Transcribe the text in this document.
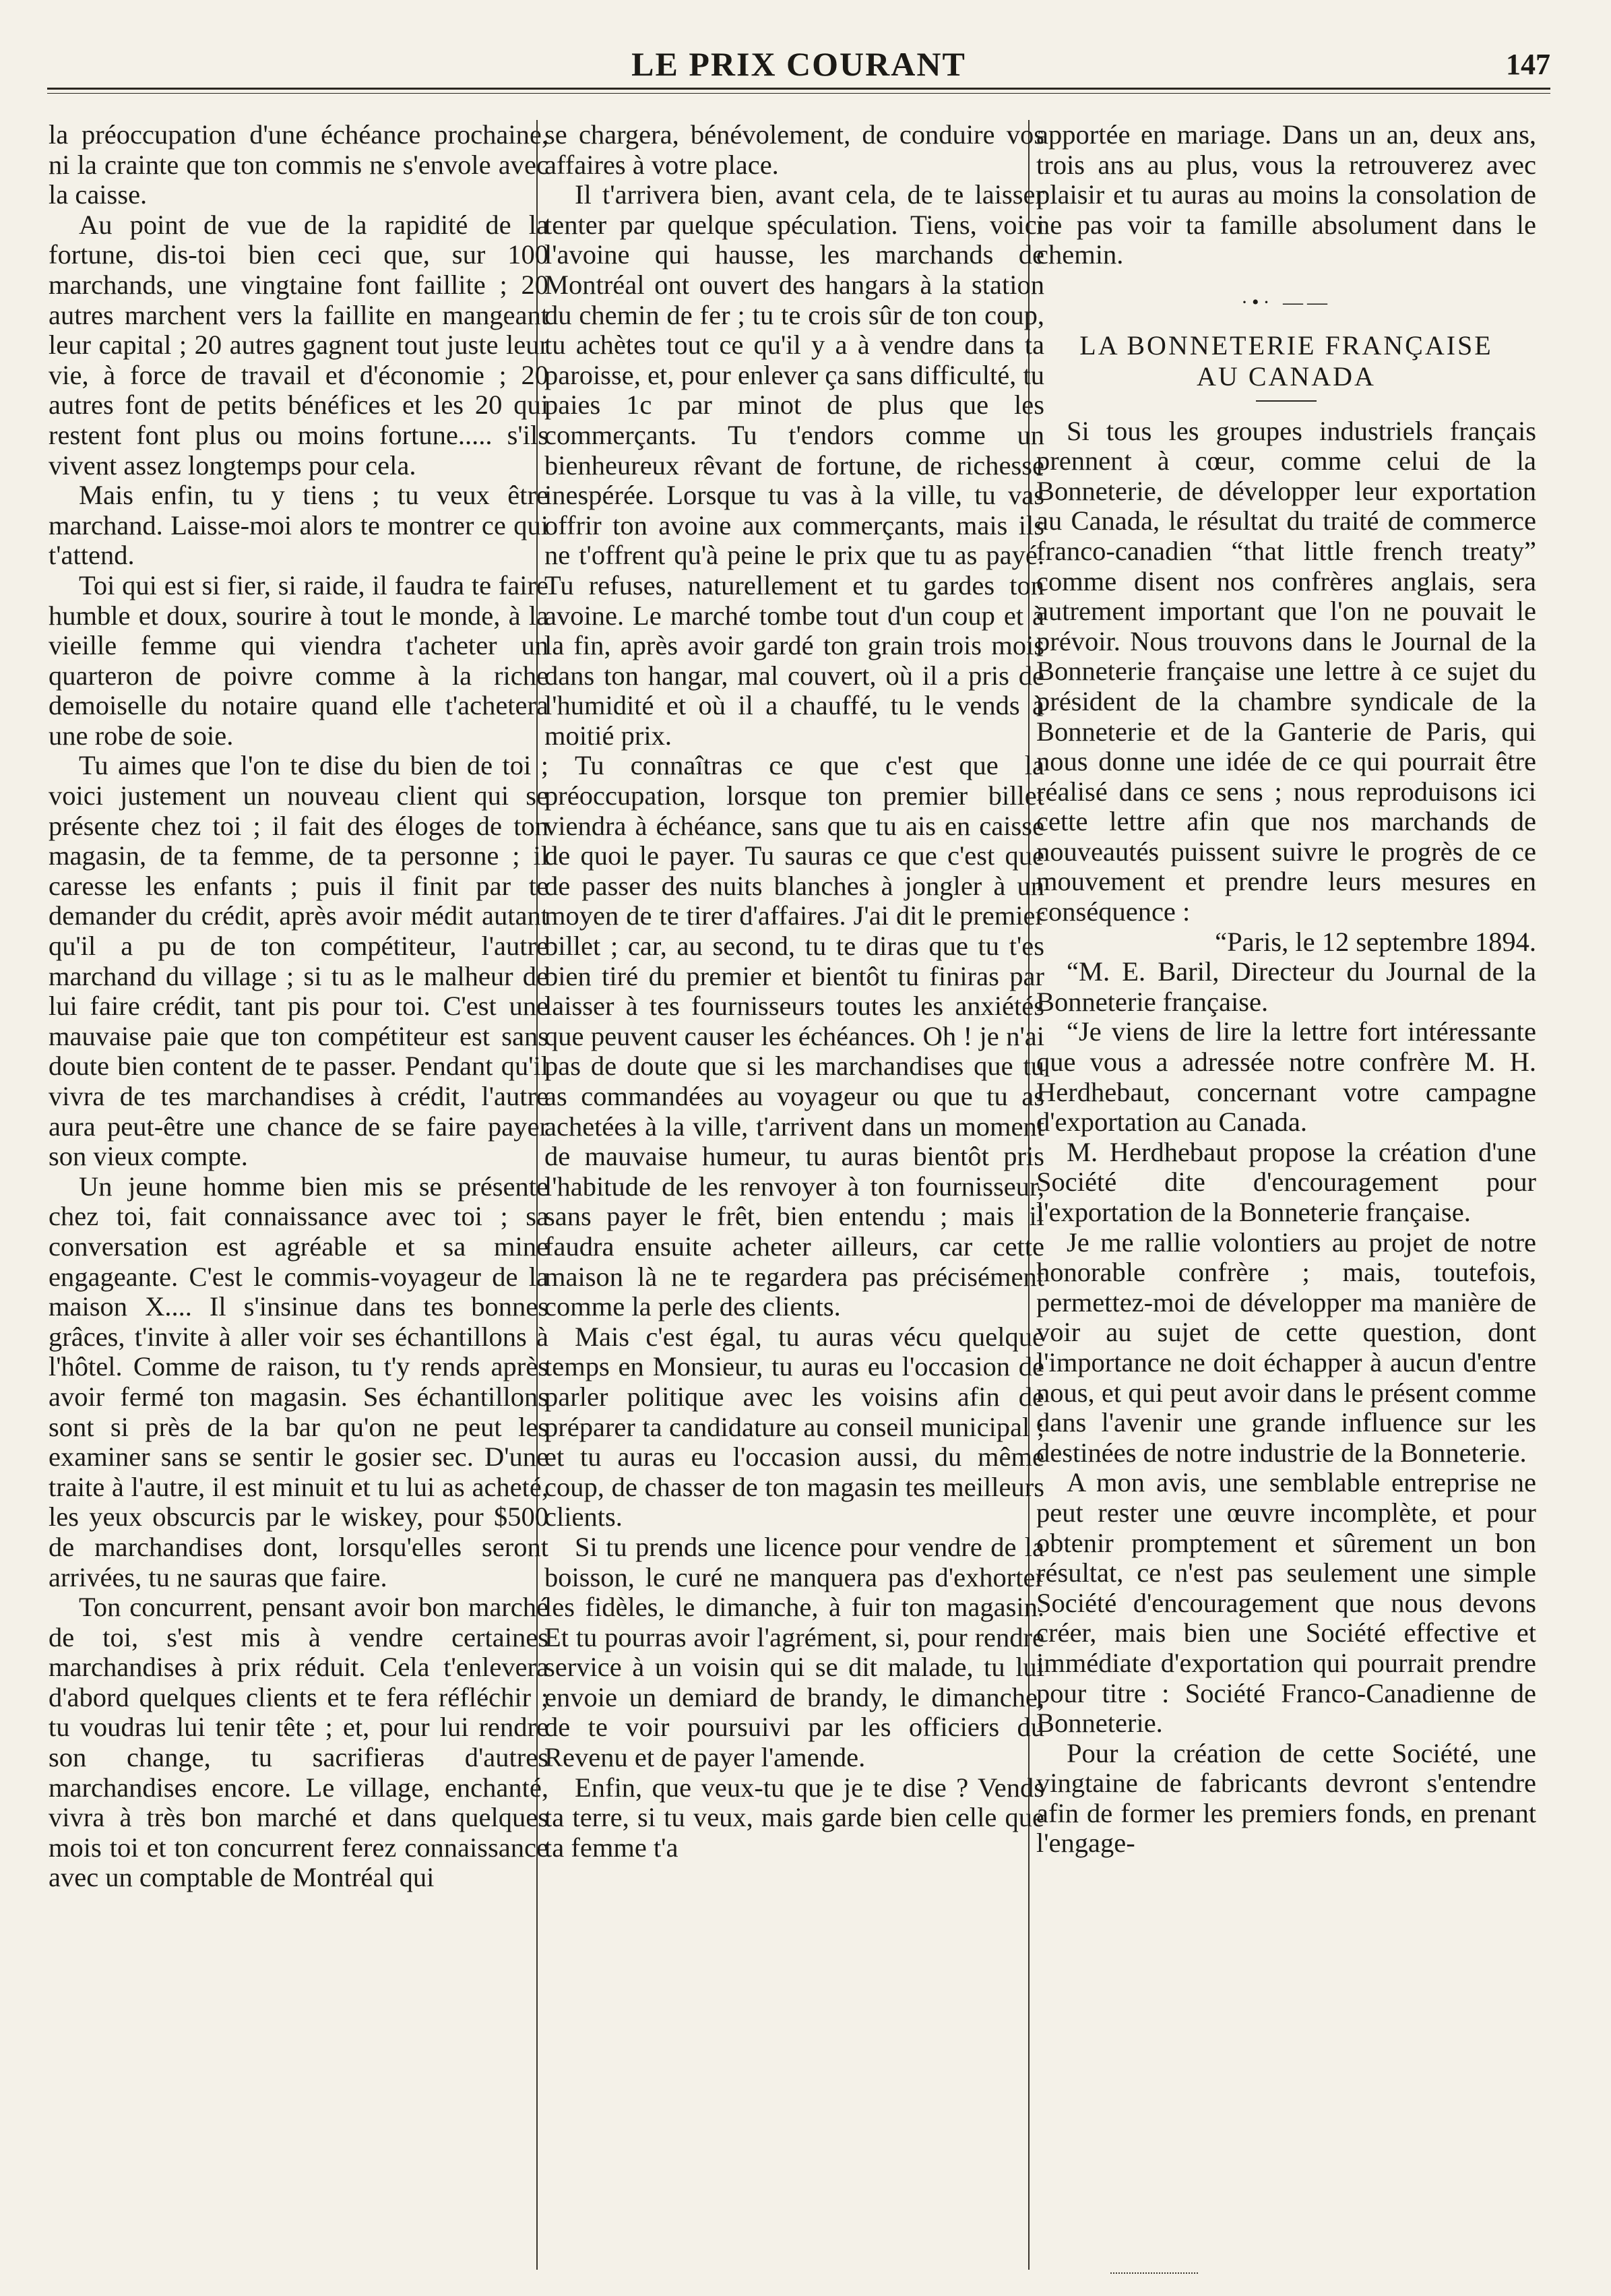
LE PRIX COURANT	147

la préoccupation d'une échéance prochaine, ni la crainte que ton commis ne s'envole avec la caisse.

Au point de vue de la rapidité de la fortune, dis-toi bien ceci que, sur 100 marchands, une vingtaine font faillite ; 20 autres marchent vers la faillite en mangeant leur capital ; 20 autres gagnent tout juste leur vie, à force de travail et d'économie ; 20 autres font de petits bénéfices et les 20 qui restent font plus ou moins fortune..... s'ils vivent assez longtemps pour cela.

Mais enfin, tu y tiens ; tu veux être marchand. Laisse-moi alors te montrer ce qui t'attend.

Toi qui est si fier, si raide, il faudra te faire humble et doux, sourire à tout le monde, à la vieille femme qui viendra t'acheter un quarteron de poivre comme à la riche demoiselle du notaire quand elle t'achetera une robe de soie.

Tu aimes que l'on te dise du bien de toi ; voici justement un nouveau client qui se présente chez toi ; il fait des éloges de ton magasin, de ta femme, de ta personne ; il caresse les enfants ; puis il finit par te demander du crédit, après avoir médit autant qu'il a pu de ton compétiteur, l'autre marchand du village ; si tu as le malheur de lui faire crédit, tant pis pour toi. C'est une mauvaise paie que ton compétiteur est sans doute bien content de te passer. Pendant qu'il vivra de tes marchandises à crédit, l'autre aura peut-être une chance de se faire payer son vieux compte.

Un jeune homme bien mis se présente chez toi, fait connaissance avec toi ; sa conversation est agréable et sa mine engageante. C'est le commis-voyageur de la maison X.... Il s'insinue dans tes bonnes grâces, t'invite à aller voir ses échantillons à l'hôtel. Comme de raison, tu t'y rends après avoir fermé ton magasin. Ses échantillons sont si près de la bar qu'on ne peut les examiner sans se sentir le gosier sec. D'une traite à l'autre, il est minuit et tu lui as acheté, les yeux obscurcis par le wiskey, pour $500 de marchandises dont, lorsqu'elles seront arrivées, tu ne sauras que faire.

Ton concurrent, pensant avoir bon marché de toi, s'est mis à vendre certaines marchandises à prix réduit. Cela t'enlevera d'abord quelques clients et te fera réfléchir ; tu voudras lui tenir tête ; et, pour lui rendre son change, tu sacrifieras d'autres marchandises encore. Le village, enchanté, vivra à très bon marché et dans quelques mois toi et ton concurrent ferez connaissance avec un comptable de Montréal qui

se chargera, bénévolement, de conduire vos affaires à votre place.

Il t'arrivera bien, avant cela, de te laisser tenter par quelque spéculation. Tiens, voici l'avoine qui hausse, les marchands de Montréal ont ouvert des hangars à la station du chemin de fer ; tu te crois sûr de ton coup, tu achètes tout ce qu'il y a à vendre dans ta paroisse, et, pour enlever ça sans difficulté, tu paies 1c par minot de plus que les commerçants. Tu t'endors comme un bienheureux rêvant de fortune, de richesse inespérée. Lorsque tu vas à la ville, tu vas offrir ton avoine aux commerçants, mais ils ne t'offrent qu'à peine le prix que tu as payé. Tu refuses, naturellement et tu gardes ton avoine. Le marché tombe tout d'un coup et à la fin, après avoir gardé ton grain trois mois dans ton hangar, mal couvert, où il a pris de l'humidité et où il a chauffé, tu le vends à moitié prix.

Tu connaîtras ce que c'est que la préoccupation, lorsque ton premier billet viendra à échéance, sans que tu ais en caisse de quoi le payer. Tu sauras ce que c'est que de passer des nuits blanches à jongler à un moyen de te tirer d'affaires. J'ai dit le premier billet ; car, au second, tu te diras que tu t'es bien tiré du premier et bientôt tu finiras par laisser à tes fournisseurs toutes les anxiétés que peuvent causer les échéances. Oh ! je n'ai pas de doute que si les marchandises que tu as commandées au voyageur ou que tu as achetées à la ville, t'arrivent dans un moment de mauvaise humeur, tu auras bientôt pris l'habitude de les renvoyer à ton fournisseur, sans payer le frêt, bien entendu ; mais il faudra ensuite acheter ailleurs, car cette maison là ne te regardera pas précisément comme la perle des clients.

Mais c'est égal, tu auras vécu quelque temps en Monsieur, tu auras eu l'occasion de parler politique avec les voisins afin de préparer ta candidature au conseil municipal ; et tu auras eu l'occasion aussi, du même coup, de chasser de ton magasin tes meilleurs clients.

Si tu prends une licence pour vendre de la boisson, le curé ne manquera pas d'exhorter les fidèles, le dimanche, à fuir ton magasin. Et tu pourras avoir l'agrément, si, pour rendre service à un voisin qui se dit malade, tu lui envoie un demiard de brandy, le dimanche, de te voir poursuivi par les officiers du Revenu et de payer l'amende.

Enfin, que veux-tu que je te dise ? Vends ta terre, si tu veux, mais garde bien celle que ta femme t'a

apportée en mariage. Dans un an, deux ans, trois ans au plus, vous la retrouverez avec plaisir et tu auras au moins la consolation de ne pas voir ta famille absolument dans le chemin.

·•· ——
LA BONNETERIE FRANÇAISE
AU CANADA

Si tous les groupes industriels français prennent à cœur, comme celui de la Bonneterie, de développer leur exportation au Canada, le résultat du traité de commerce franco-canadien “that little french treaty” comme disent nos confrères anglais, sera autrement important que l'on ne pouvait le prévoir. Nous trouvons dans le Journal de la Bonneterie française une lettre à ce sujet du président de la chambre syndicale de la Bonneterie et de la Ganterie de Paris, qui nous donne une idée de ce qui pourrait être réalisé dans ce sens ; nous reproduisons ici cette lettre afin que nos marchands de nouveautés puissent suivre le progrès de ce mouvement et prendre leurs mesures en conséquence :

“Paris, le 12 septembre 1894.

“M. E. Baril, Directeur du Journal de la Bonneterie française.

“Je viens de lire la lettre fort intéressante que vous a adressée notre confrère M. H. Herdhebaut, concernant votre campagne d'exportation au Canada.

M. Herdhebaut propose la création d'une Société dite d'encouragement pour l'exportation de la Bonneterie française.

Je me rallie volontiers au projet de notre honorable confrère ; mais, toutefois, permettez-moi de développer ma manière de voir au sujet de cette question, dont l'importance ne doit échapper à aucun d'entre nous, et qui peut avoir dans le présent comme dans l'avenir une grande influence sur les destinées de notre industrie de la Bonneterie.

A mon avis, une semblable entreprise ne peut rester une œuvre incomplète, et pour obtenir promptement et sûrement un bon résultat, ce n'est pas seulement une simple Société d'encouragement que nous devons créer, mais bien une Société effective et immédiate d'exportation qui pourrait prendre pour titre : Société Franco-Canadienne de Bonneterie.

Pour la création de cette Société, une vingtaine de fabricants devront s'entendre afin de former les premiers fonds, en prenant l'engage-
